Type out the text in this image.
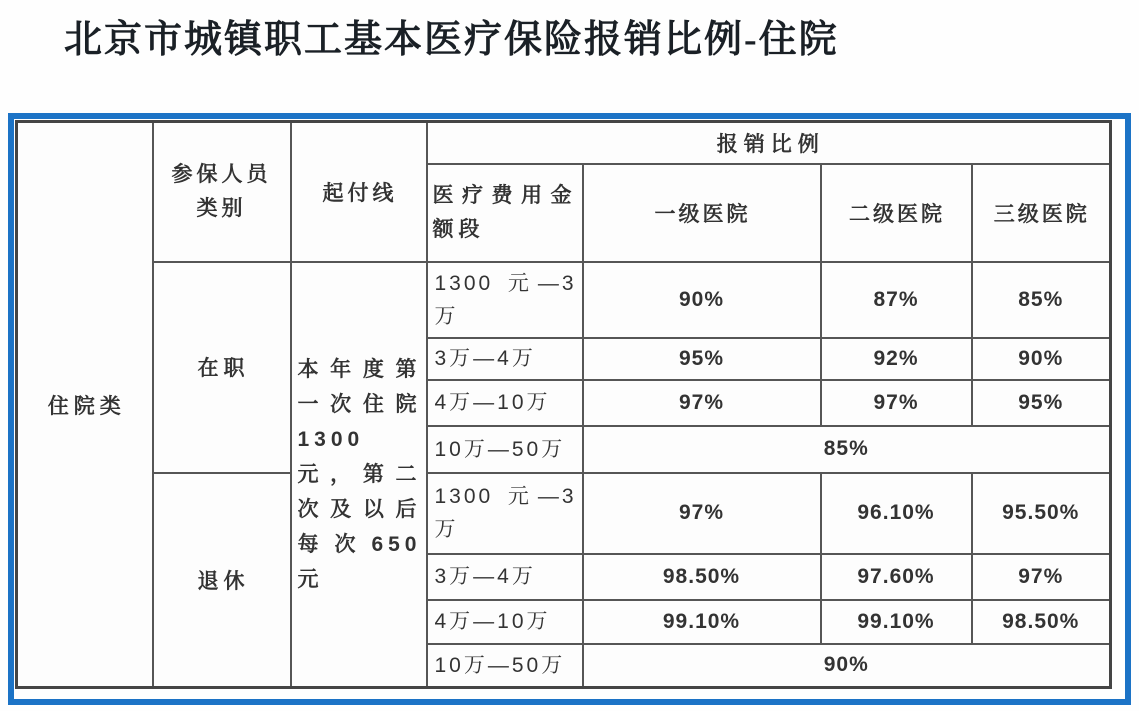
北京市城镇职工基本医疗保险报销比例-住院
住院类	参保人员类别	起付线	报销比例			
			医疗费用金额段	一级医院	二级医院	三级医院
	在职	本年度第一次住院1300 元，第二次及以后每次650元	1300 元—3万	90%	87%	85%
			3万—4万	95%	92%	90%
			4万—10万	97%	97%	95%
			10万—50万	85%		
	退休		1300 元—3万	97%	96.10%	95.50%
			3万—4万	98.50%	97.60%	97%
			4万—10万	99.10%	99.10%	98.50%
			10万—50万	90%		
